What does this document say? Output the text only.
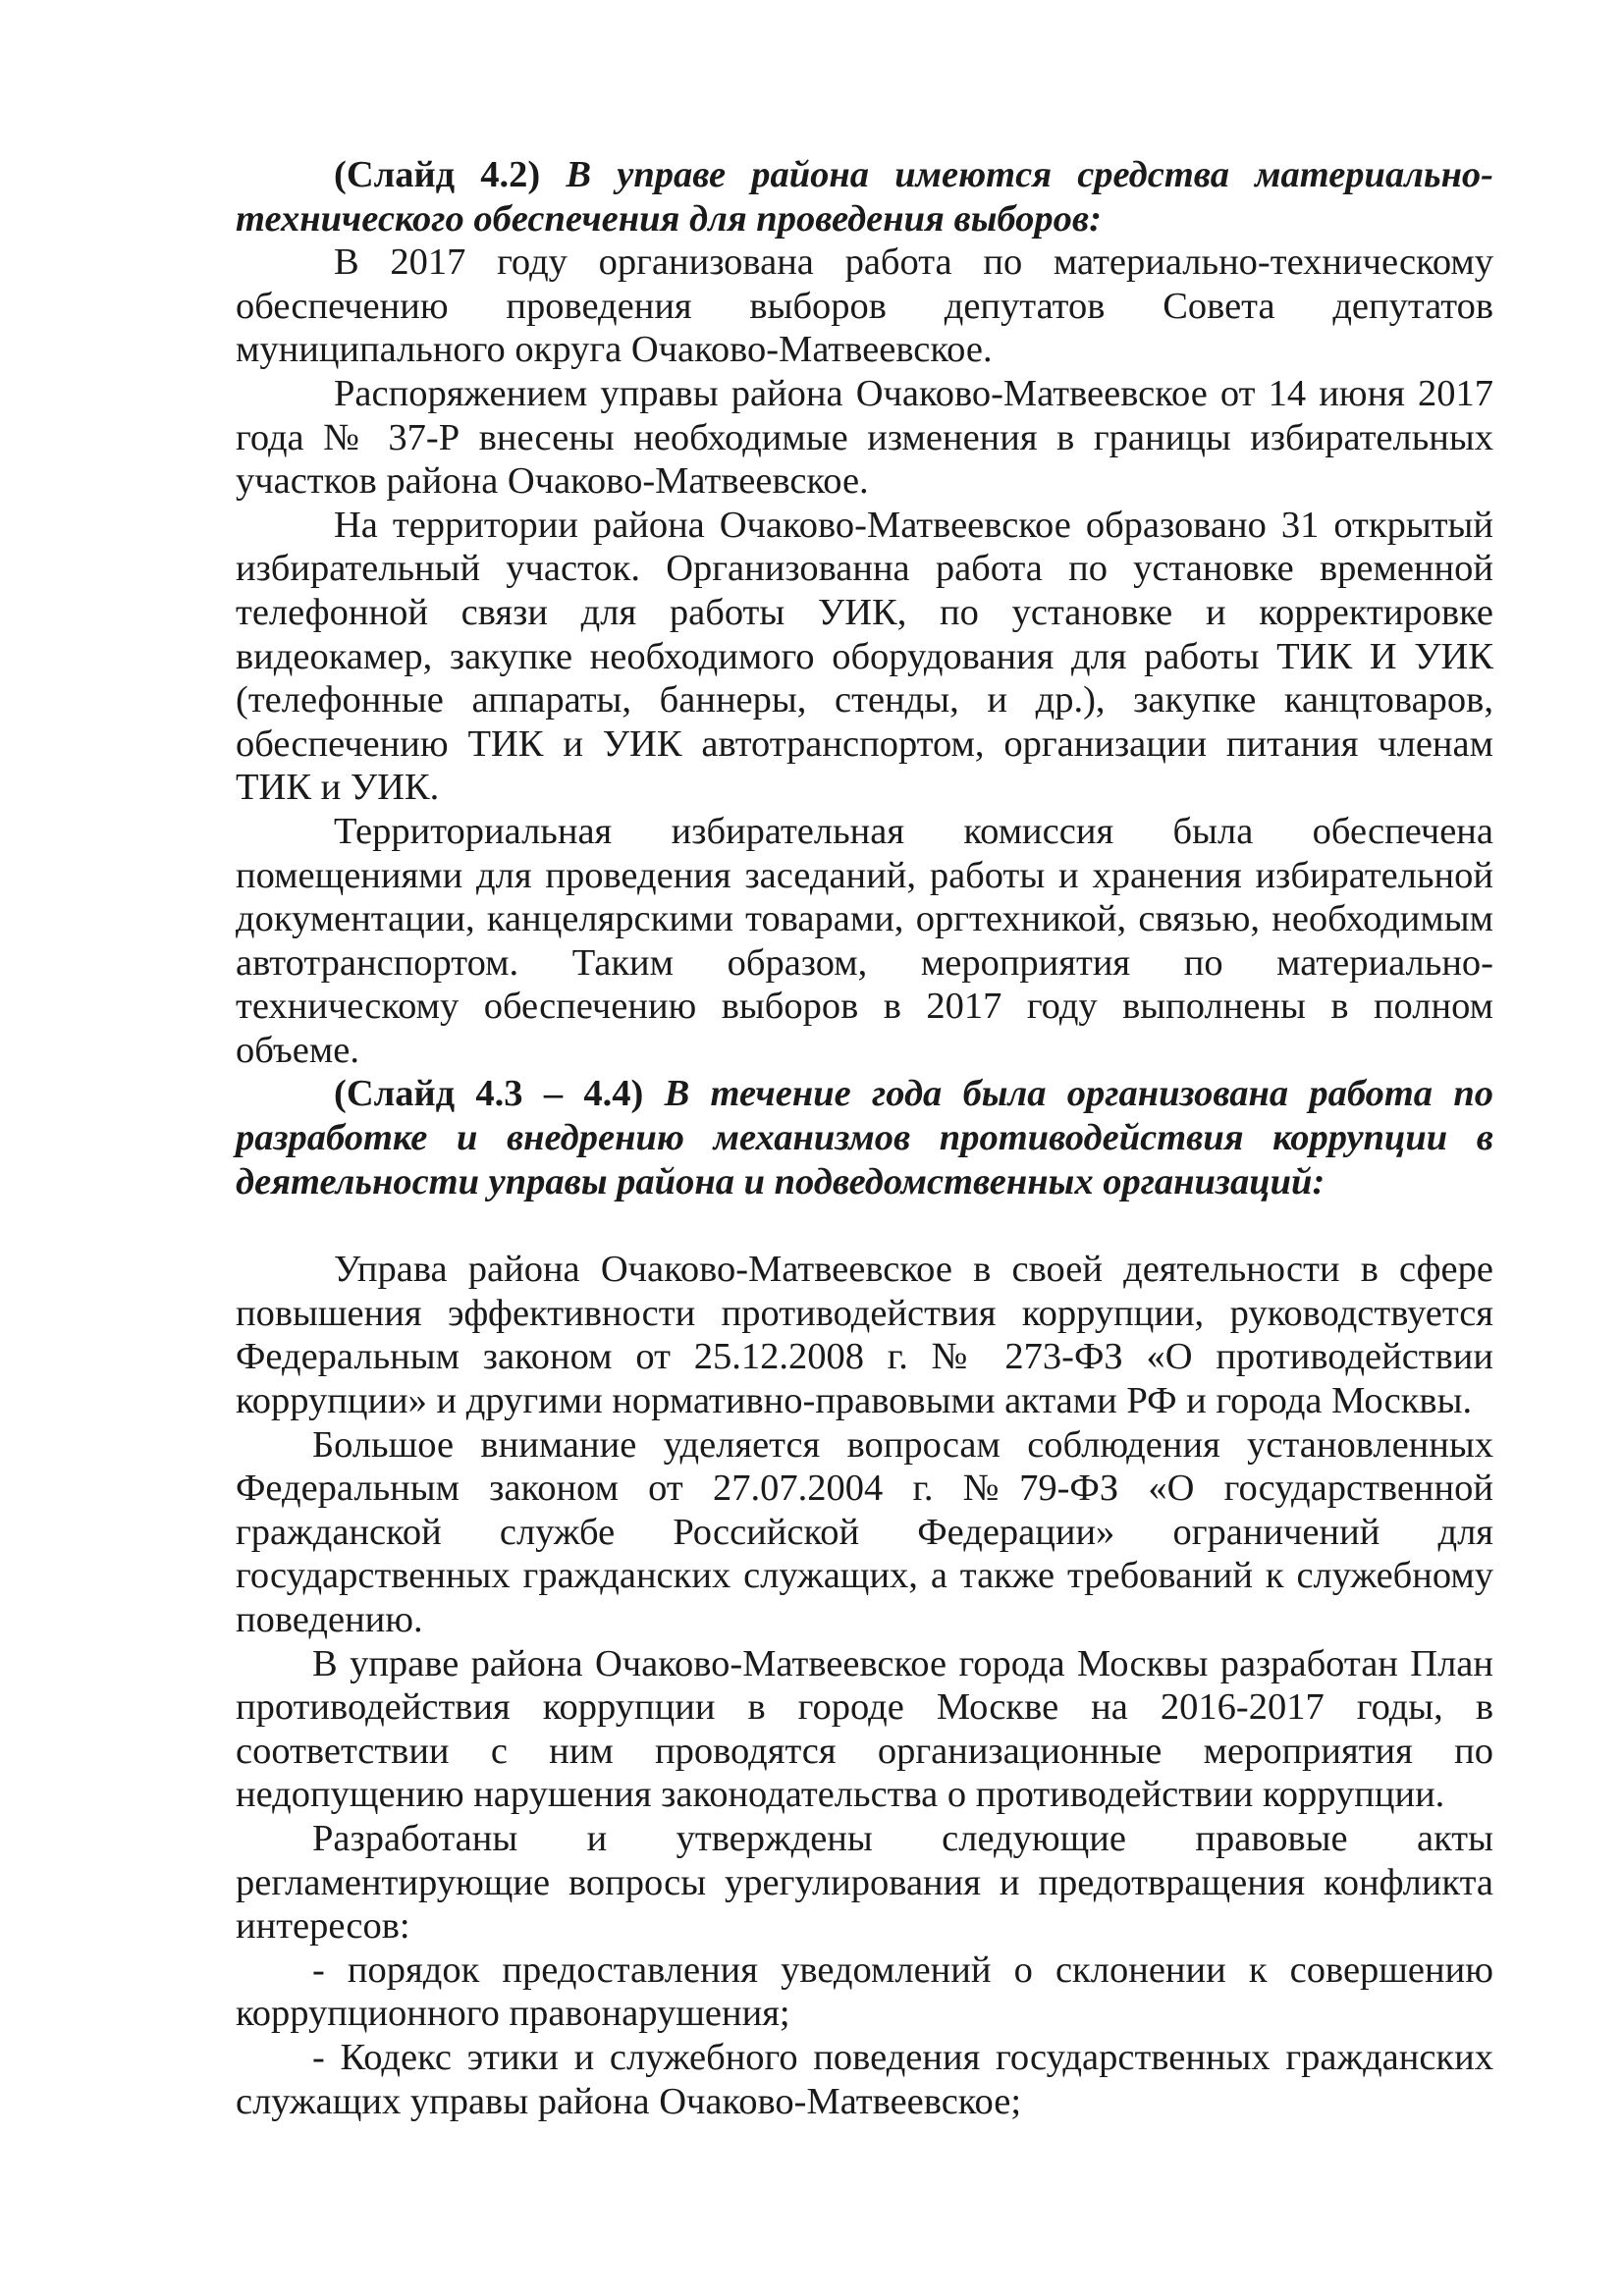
(Слайд 4.2) В управе района имеются средства материально-технического обеспечения для проведения выборов:

В 2017 году организована работа по материально-техническому обеспечению проведения выборов депутатов Совета депутатов муниципального округа Очаково-Матвеевское.

Распоряжением управы района Очаково-Матвеевское от 14 июня 2017 года № 37-Р внесены необходимые изменения в границы избирательных участков района Очаково-Матвеевское.

На территории района Очаково-Матвеевское образовано 31 открытый избирательный участок. Организованна работа по установке временной телефонной связи для работы УИК, по установке и корректировке видеокамер, закупке необходимого оборудования для работы ТИК И УИК (телефонные аппараты, баннеры, стенды, и др.), закупке канцтоваров, обеспечению ТИК и УИК автотранспортом, организации питания членам ТИК и УИК.

Территориальная избирательная комиссия была обеспечена помещениями для проведения заседаний, работы и хранения избирательной документации, канцелярскими товарами, оргтехникой, связью, необходимым автотранспортом. Таким образом, мероприятия по материально-техническому обеспечению выборов в 2017 году выполнены в полном объеме.

(Слайд 4.3 – 4.4) В течение года была организована работа по разработке и внедрению механизмов противодействия коррупции в деятельности управы района и подведомственных организаций:

Управа района Очаково-Матвеевское в своей деятельности в сфере повышения эффективности противодействия коррупции, руководствуется Федеральным законом от 25.12.2008 г. № 273-ФЗ «О противодействии коррупции» и другими нормативно-правовыми актами РФ и города Москвы.

Большое внимание уделяется вопросам соблюдения установленных Федеральным законом от 27.07.2004 г. №79-ФЗ «О государственной гражданской службе Российской Федерации» ограничений для государственных гражданских служащих, а также требований к служебному поведению.

В управе района Очаково-Матвеевское города Москвы разработан План противодействия коррупции в городе Москве на 2016-2017 годы, в соответствии с ним проводятся организационные мероприятия по недопущению нарушения законодательства о противодействии коррупции.

Разработаны и утверждены следующие правовые акты регламентирующие вопросы урегулирования и предотвращения конфликта интересов:

- порядок предоставления уведомлений о склонении к совершению коррупционного правонарушения;

- Кодекс этики и служебного поведения государственных гражданских служащих управы района Очаково-Матвеевское;
